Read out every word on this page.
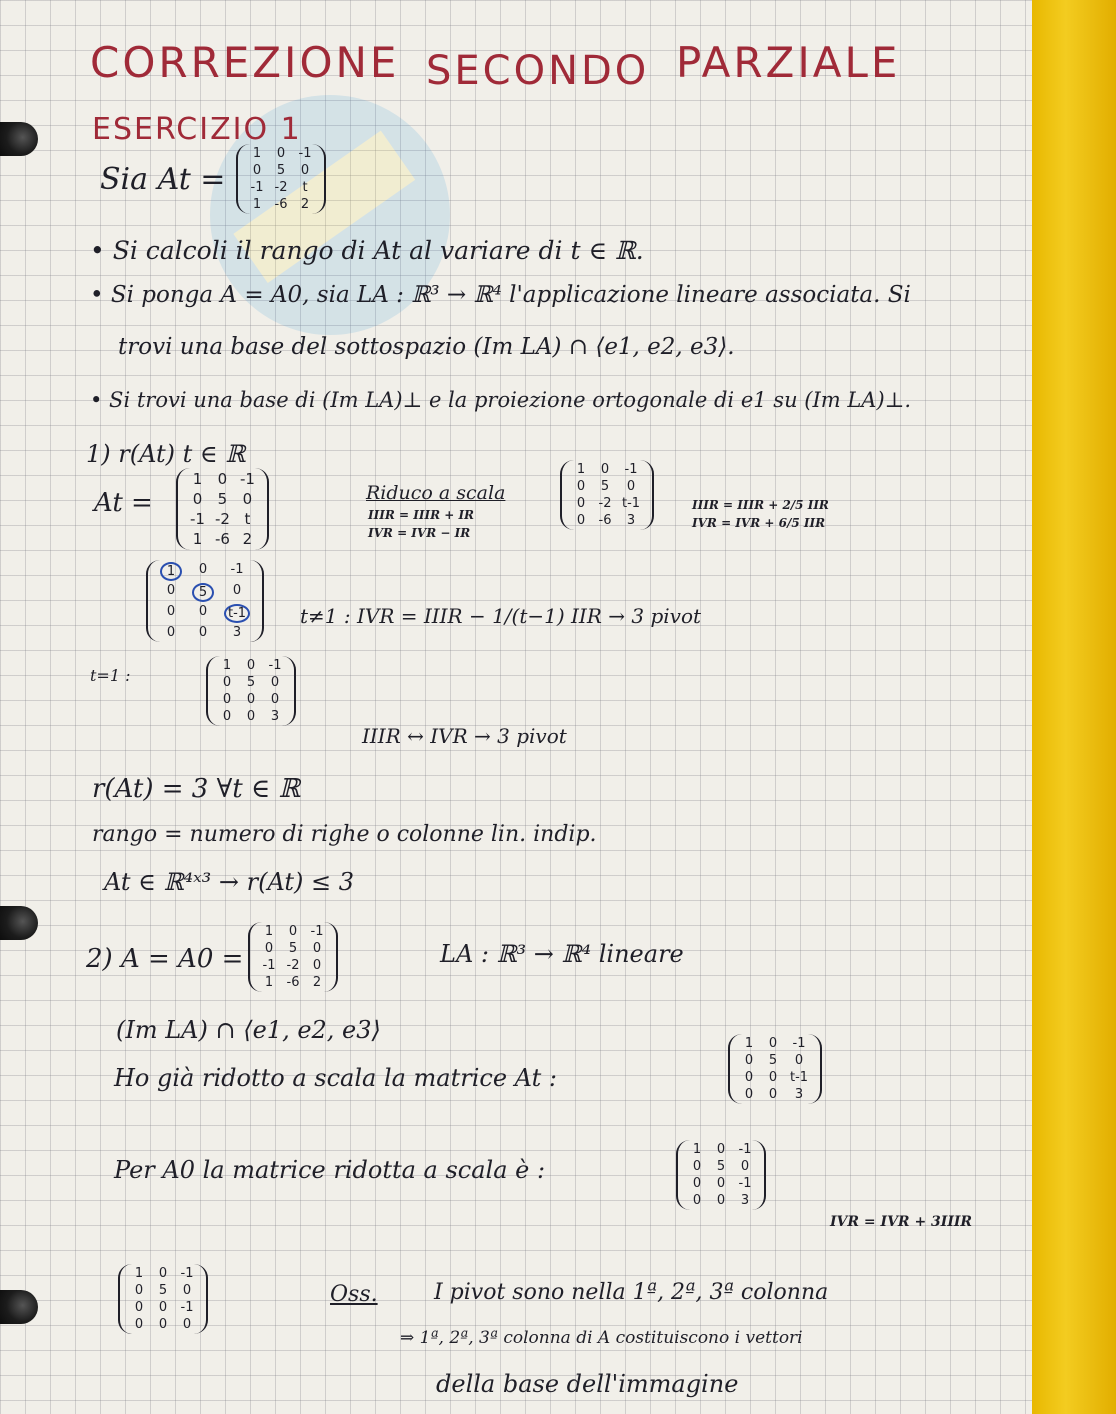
CORREZIONE SECONDO PARZIALE
ESERCIZIO 1
Sia At =
1 0 -1
0 5 0
-1 -2	t
1 -6 2
• Si calcoli il rango di At al variare di t ∈ ℝ.
• Si ponga A = A0, sia LA : ℝ³ → ℝ⁴ l'applicazione lineare associata. Si
trovi una base del sottospazio (Im LA) ∩ ⟨e1, e2, e3⟩.
• Si trovi una base di (Im LA)⊥ e la proiezione ortogonale di e1 su (Im LA)⊥.
1) r(At) t ∈ ℝ
At =
1 0 -1
0 5 0
-1 -2 t
1 -6 2
Riduco a scala
IIIR = IIIR + IR
IVR = IVR − IR
1 0 -1
0 5	0
0 -2 t-1
0 -6	3
IIIR = IIIR + 2/5 IIR
IVR = IVR + 6/5 IIR
1	0	-1
0	5	0
0	0	t-1
0	0	3
t≠1 : IVR = IIIR − 1/(t−1) IIR → 3 pivot
t=1 :
1 0 -1
0 5 0
0 0 0
0 0 3
IIIR ↔ IVR → 3 pivot
r(At) = 3 ∀t ∈ ℝ
rango = numero di righe o colonne lin. indip.
At ∈ ℝ⁴ˣ³ → r(At) ≤ 3
2) A = A0 =
1 0 -1
0 5 0
-1 -2 0
1 -6 2
LA : ℝ³ → ℝ⁴ lineare
(Im LA) ∩ ⟨e1, e2, e3⟩
Ho già ridotto a scala la matrice At :
1 0 -1
0 5	0
0 0 t-1
0 0	3
Per A0 la matrice ridotta a scala è :
1 0 -1
0 5 0
0 0 -1
0 0 3
IVR = IVR + 3IIIR
1 0 -1
0 5 0
0 0 -1
0 0 0
Oss.	I pivot sono nella 1ª, 2ª, 3ª colonna
⇒ 1ª, 2ª, 3ª colonna di A costituiscono i vettori
della base dell'immagine
